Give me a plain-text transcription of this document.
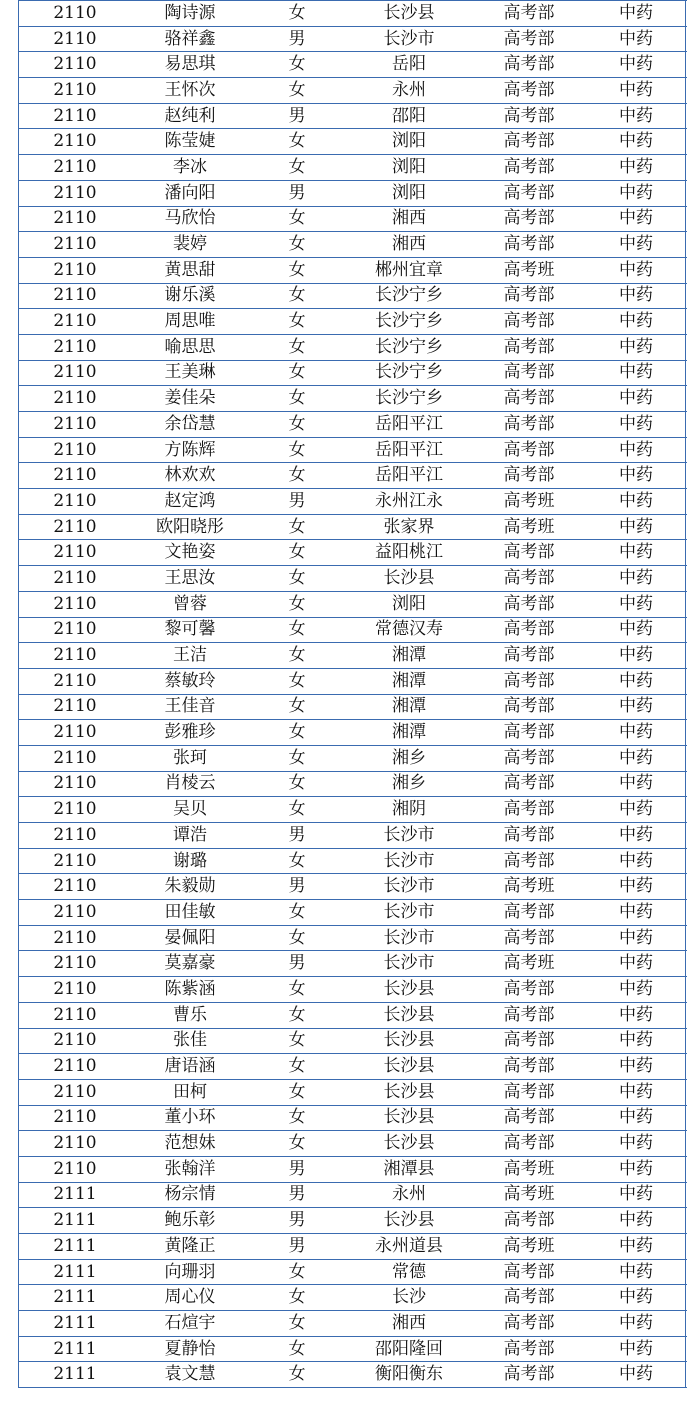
2110	陶诗源	女	长沙县	高考部	中药
2110	骆祥鑫	男	长沙市	高考部	中药
2110	易思琪	女	岳阳	高考部	中药
2110	王怀次	女	永州	高考部	中药
2110	赵纯利	男	邵阳	高考部	中药
2110	陈莹婕	女	浏阳	高考部	中药
2110	李冰	女	浏阳	高考部	中药
2110	潘向阳	男	浏阳	高考部	中药
2110	马欣怡	女	湘西	高考部	中药
2110	裴婷	女	湘西	高考部	中药
2110	黄思甜	女	郴州宜章	高考班	中药
2110	谢乐溪	女	长沙宁乡	高考部	中药
2110	周思唯	女	长沙宁乡	高考部	中药
2110	喻思思	女	长沙宁乡	高考部	中药
2110	王美琳	女	长沙宁乡	高考部	中药
2110	姜佳朵	女	长沙宁乡	高考部	中药
2110	余岱慧	女	岳阳平江	高考部	中药
2110	方陈辉	女	岳阳平江	高考部	中药
2110	林欢欢	女	岳阳平江	高考部	中药
2110	赵定鸿	男	永州江永	高考班	中药
2110	欧阳晓彤	女	张家界	高考班	中药
2110	文艳姿	女	益阳桃江	高考部	中药
2110	王思汝	女	长沙县	高考部	中药
2110	曾蓉	女	浏阳	高考部	中药
2110	黎可馨	女	常德汉寿	高考部	中药
2110	王洁	女	湘潭	高考部	中药
2110	蔡敏玲	女	湘潭	高考部	中药
2110	王佳音	女	湘潭	高考部	中药
2110	彭雅珍	女	湘潭	高考部	中药
2110	张珂	女	湘乡	高考部	中药
2110	肖棱云	女	湘乡	高考部	中药
2110	吴贝	女	湘阴	高考部	中药
2110	谭浩	男	长沙市	高考部	中药
2110	谢璐	女	长沙市	高考部	中药
2110	朱毅勋	男	长沙市	高考班	中药
2110	田佳敏	女	长沙市	高考部	中药
2110	晏佩阳	女	长沙市	高考部	中药
2110	莫嘉豪	男	长沙市	高考班	中药
2110	陈紫涵	女	长沙县	高考部	中药
2110	曹乐	女	长沙县	高考部	中药
2110	张佳	女	长沙县	高考部	中药
2110	唐语涵	女	长沙县	高考部	中药
2110	田柯	女	长沙县	高考部	中药
2110	董小环	女	长沙县	高考部	中药
2110	范想妹	女	长沙县	高考部	中药
2110	张翰洋	男	湘潭县	高考班	中药
2111	杨宗情	男	永州	高考班	中药
2111	鲍乐彰	男	长沙县	高考部	中药
2111	黄隆正	男	永州道县	高考班	中药
2111	向珊羽	女	常德	高考部	中药
2111	周心仪	女	长沙	高考部	中药
2111	石煊宇	女	湘西	高考部	中药
2111	夏静怡	女	邵阳隆回	高考部	中药
2111	袁文慧	女	衡阳衡东	高考部	中药
